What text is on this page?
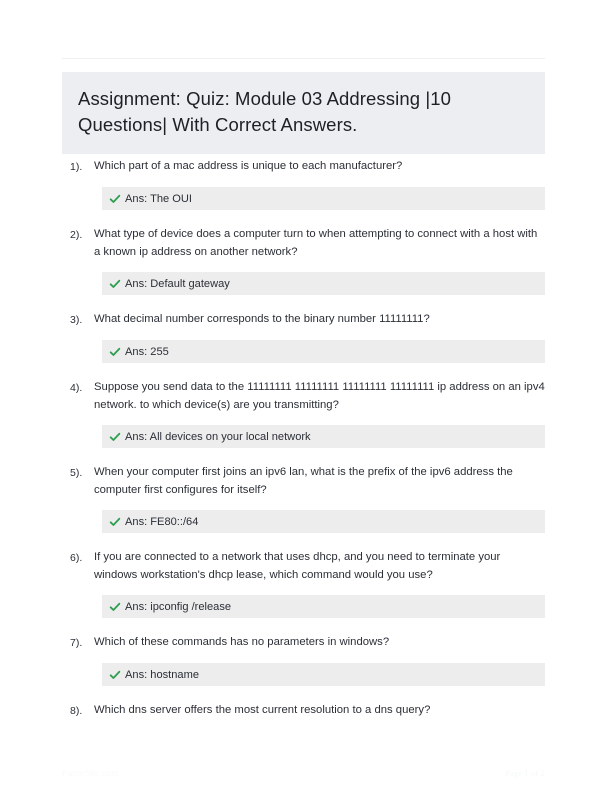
Assignment: Quiz: Module 03 Addressing |10 Questions| With Correct Answers.
1).	Which part of a mac address is unique to each manufacturer?
Ans: The OUI
2).	What type of device does a computer turn to when attempting to connect with a host with a known ip address on another network?
Ans: Default gateway
3).	What decimal number corresponds to the binary number 11111111?
Ans: 255
4).	Suppose you send data to the 11111111 11111111 11111111 11111111 ip address on an ipv4 network. to which device(s) are you transmitting?
Ans: All devices on your local network
5).	When your computer first joins an ipv6 lan, what is the prefix of the ipv6 address the computer first configures for itself?
Ans: FE80::/64
6).	If you are connected to a network that uses dhcp, and you need to terminate your windows workstation's dhcp lease, which command would you use?
Ans: ipconfig /release
7).	Which of these commands has no parameters in windows?
Ans: hostname
8).	Which dns server offers the most current resolution to a dns query?
PaperSlic.com	Page 1 of 2
